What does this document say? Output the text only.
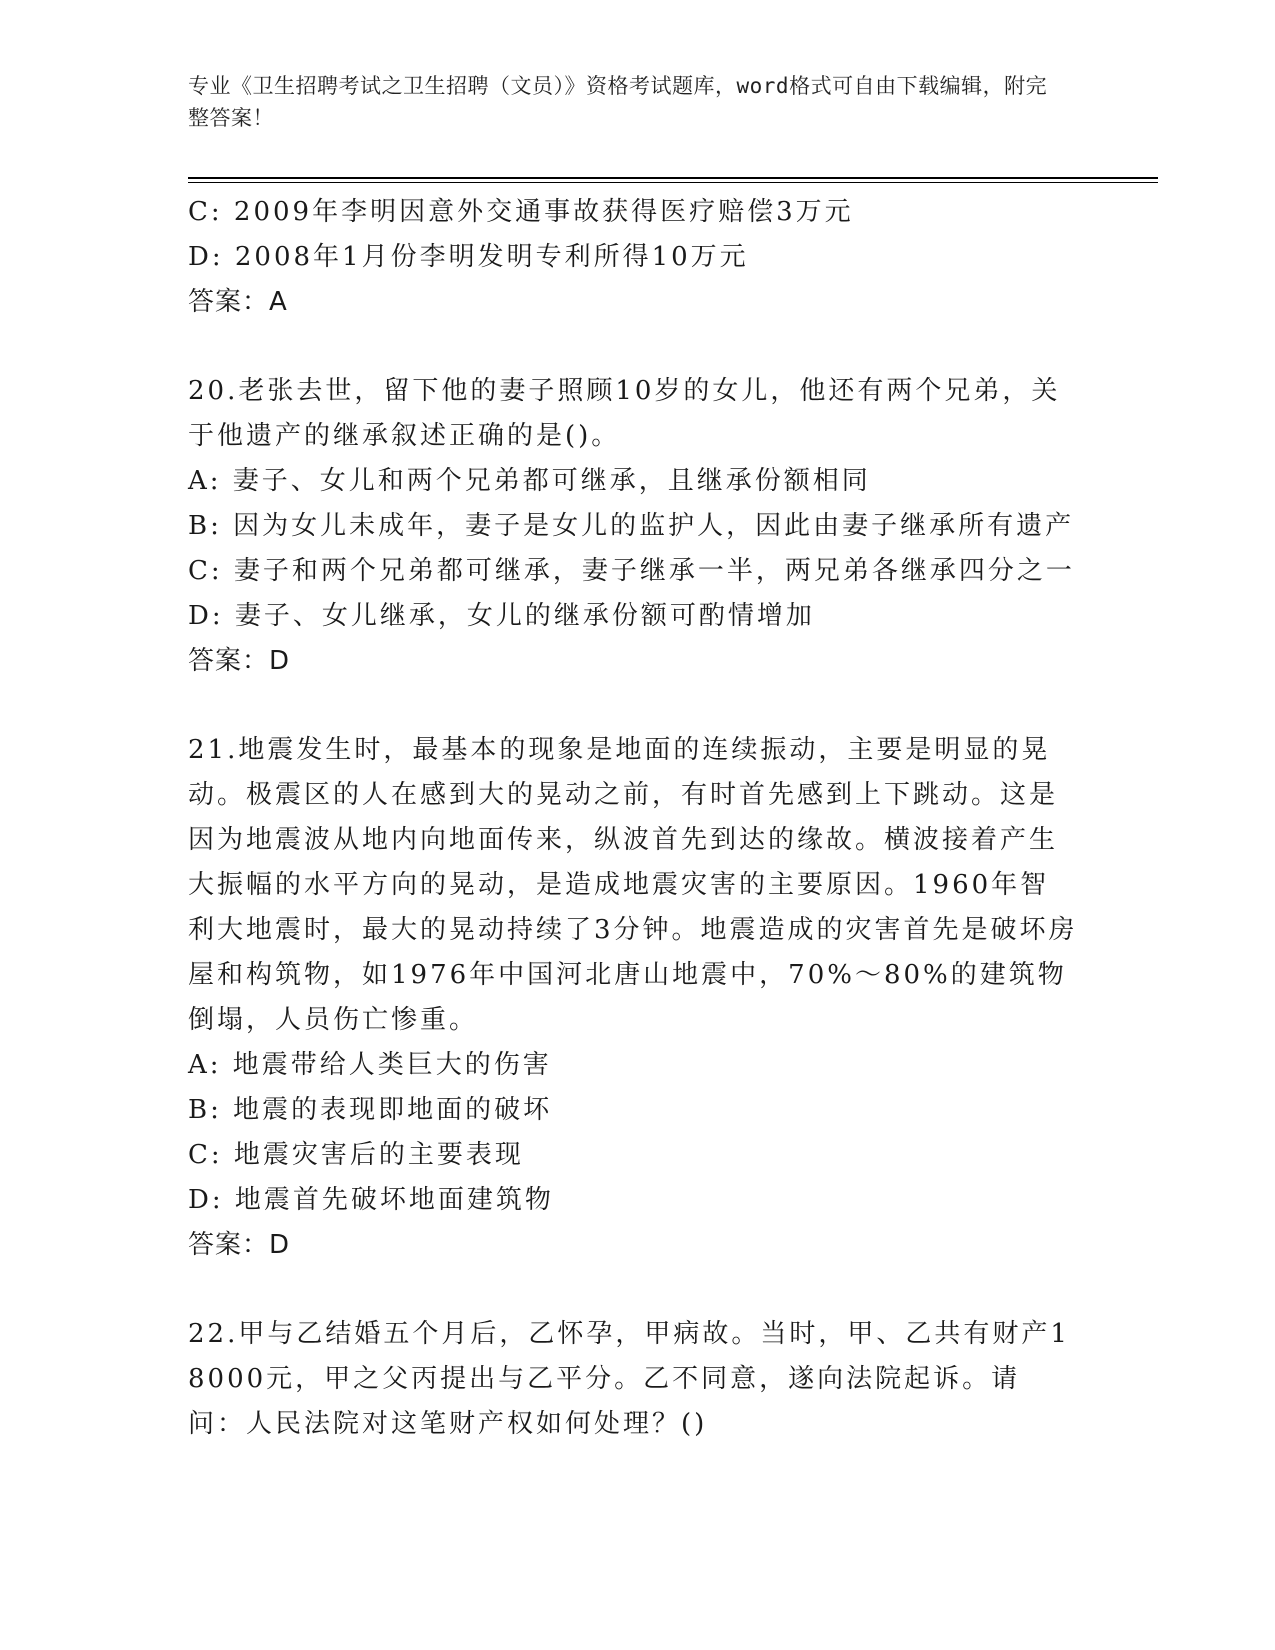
专业《卫生招聘考试之卫生招聘（文员）》资格考试题库，word格式可自由下载编辑，附完整答案！
C: 2009年李明因意外交通事故获得医疗赔偿3万元
D: 2008年1月份李明发明专利所得10万元
答案：A
20.老张去世，留下他的妻子照顾10岁的女儿，他还有两个兄弟，关于他遗产的继承叙述正确的是()。
A: 妻子、女儿和两个兄弟都可继承，且继承份额相同
B: 因为女儿未成年，妻子是女儿的监护人，因此由妻子继承所有遗产
C: 妻子和两个兄弟都可继承，妻子继承一半，两兄弟各继承四分之一
D: 妻子、女儿继承，女儿的继承份额可酌情增加
答案：D
21.地震发生时，最基本的现象是地面的连续振动，主要是明显的晃动。极震区的人在感到大的晃动之前，有时首先感到上下跳动。这是因为地震波从地内向地面传来，纵波首先到达的缘故。横波接着产生大振幅的水平方向的晃动，是造成地震灾害的主要原因。1960年智利大地震时，最大的晃动持续了3分钟。地震造成的灾害首先是破坏房屋和构筑物，如1976年中国河北唐山地震中，70%～80%的建筑物倒塌，人员伤亡惨重。
A: 地震带给人类巨大的伤害
B: 地震的表现即地面的破坏
C: 地震灾害后的主要表现
D: 地震首先破坏地面建筑物
答案：D
22.甲与乙结婚五个月后，乙怀孕，甲病故。当时，甲、乙共有财产18000元，甲之父丙提出与乙平分。乙不同意，遂向法院起诉。请问：人民法院对这笔财产权如何处理？()
